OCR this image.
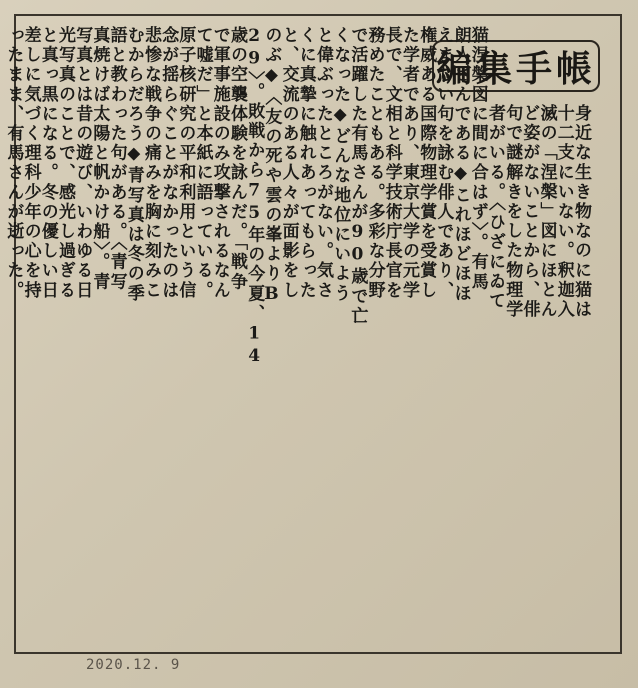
編集手帳
身近な生き物なのに猫は
十二支にいない。釈迦入
滅の「涅槃」図にほとん
ど姿がないことから、俳
句で謎解きをした物理学
者がいる。〈ひざにゐて
猫涅槃図に間に合はず〉。有馬
朗人さんである◆これほどほほ
えましい句を詠む俳人であり、
権威ある国際物理学賞を受賞し
た学者であり、東京大学の元学
長で、文相と科学技術庁長官を
務めたこともある。多彩な分野
で活躍した有馬さんが90歳で亡
くなった◆どんな地位にいよう
と偉ぶったところがない。気さ
くに真摯に触れあってもらった
と、交流のある人々が面影をし
のぶ◆〈友の死や雲の峯よりB
29〉。敗戦から75年の今夏、14
歳の空襲体験を詠んだ。「戦争
で軍事施設のみ攻撃されるなん
て嘘だ」と本紙に語っている。
原子核研究の平和利用という信
念が揺らぐことがなかったのは
悲惨な戦争の痛みを胸に刻みこ
むからだろう◆青写真は冬の季
語と教わった句がある。〈青写
真焼けば太陽と帆かけ船〉。青
写真とは昔の遊び、いわゆる日
光写真のことで、感光し過ぎる
と真っ黒になる。冬の優しい日
差しに気づく理科少年の心を持
ったまま、有馬さんが逝った。
2020.12. 9
